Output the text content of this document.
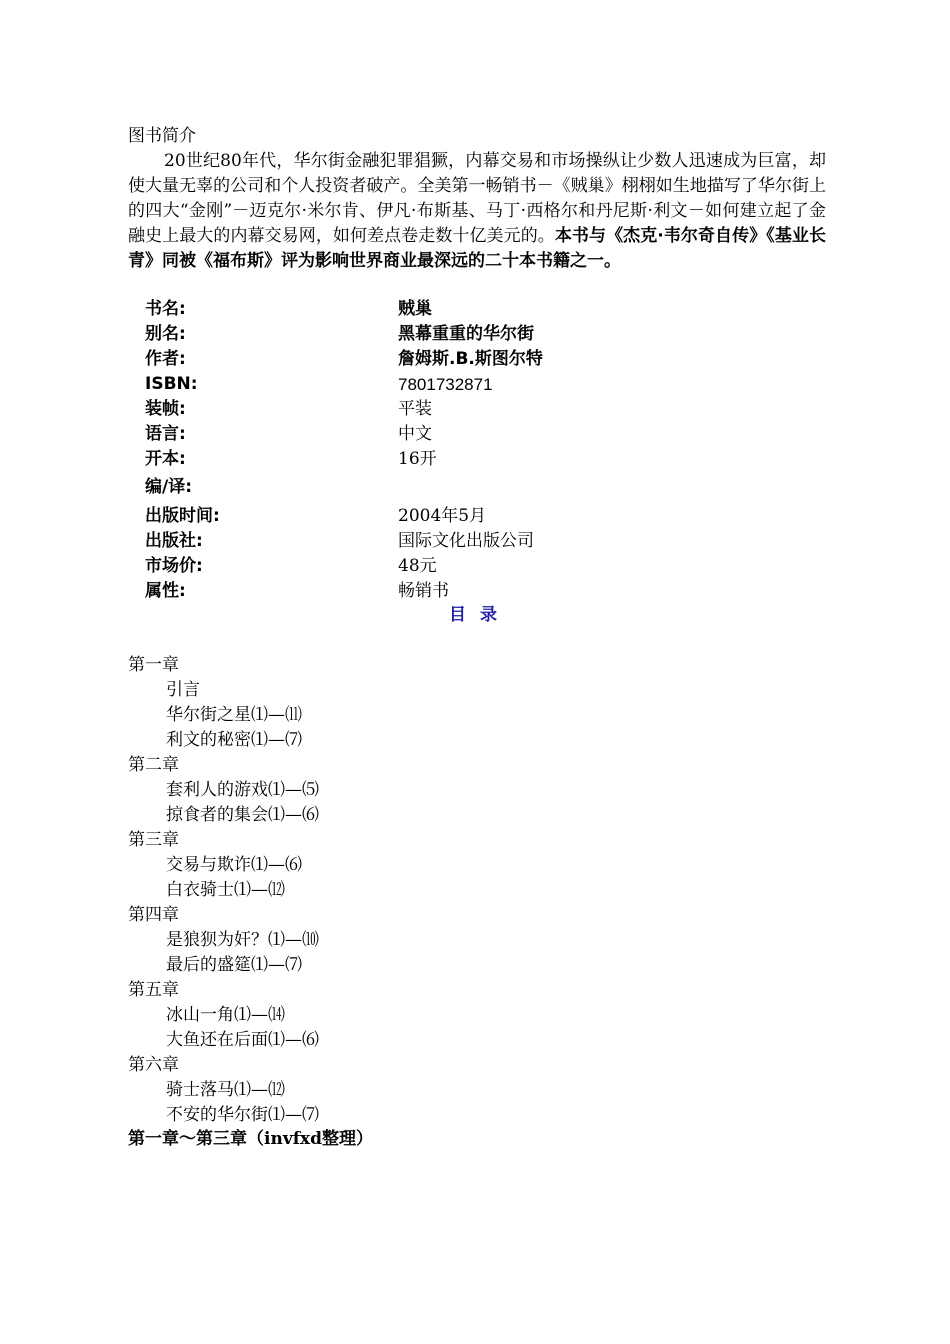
图书简介
20世纪80年代，华尔街金融犯罪猖獗，内幕交易和市场操纵让少数人迅速成为巨富，却使大量无辜的公司和个人投资者破产。全美第一畅销书－《贼巢》栩栩如生地描写了华尔街上的四大“金刚”－迈克尔·米尔肯、伊凡·布斯基、马丁·西格尔和丹尼斯·利文－如何建立起了金融史上最大的内幕交易网，如何差点卷走数十亿美元的。本书与《杰克·韦尔奇自传》《基业长青》同被《福布斯》评为影响世界商业最深远的二十本书籍之一。
书名:	贼巢
别名:	黑幕重重的华尔街
作者:	詹姆斯.B.斯图尔特
ISBN:	7801732871
装帧:	平装
语言:	中文
开本:	16开
编/译:
出版时间:	2004年5月
出版社:	国际文化出版公司
市场价:	48元
属性:	畅销书
目 录
第一章
引言
华尔街之星⑴—⑾
利文的秘密⑴—⑺
第二章
套利人的游戏⑴—⑸
掠食者的集会⑴—⑹
第三章
交易与欺诈⑴—⑹
白衣骑士⑴—⑿
第四章
是狼狈为奸？⑴—⑽
最后的盛筵⑴—⑺
第五章
冰山一角⑴—⒁
大鱼还在后面⑴—⑹
第六章
骑士落马⑴—⑿
不安的华尔街⑴—⑺
第一章～第三章（invfxd整理）
